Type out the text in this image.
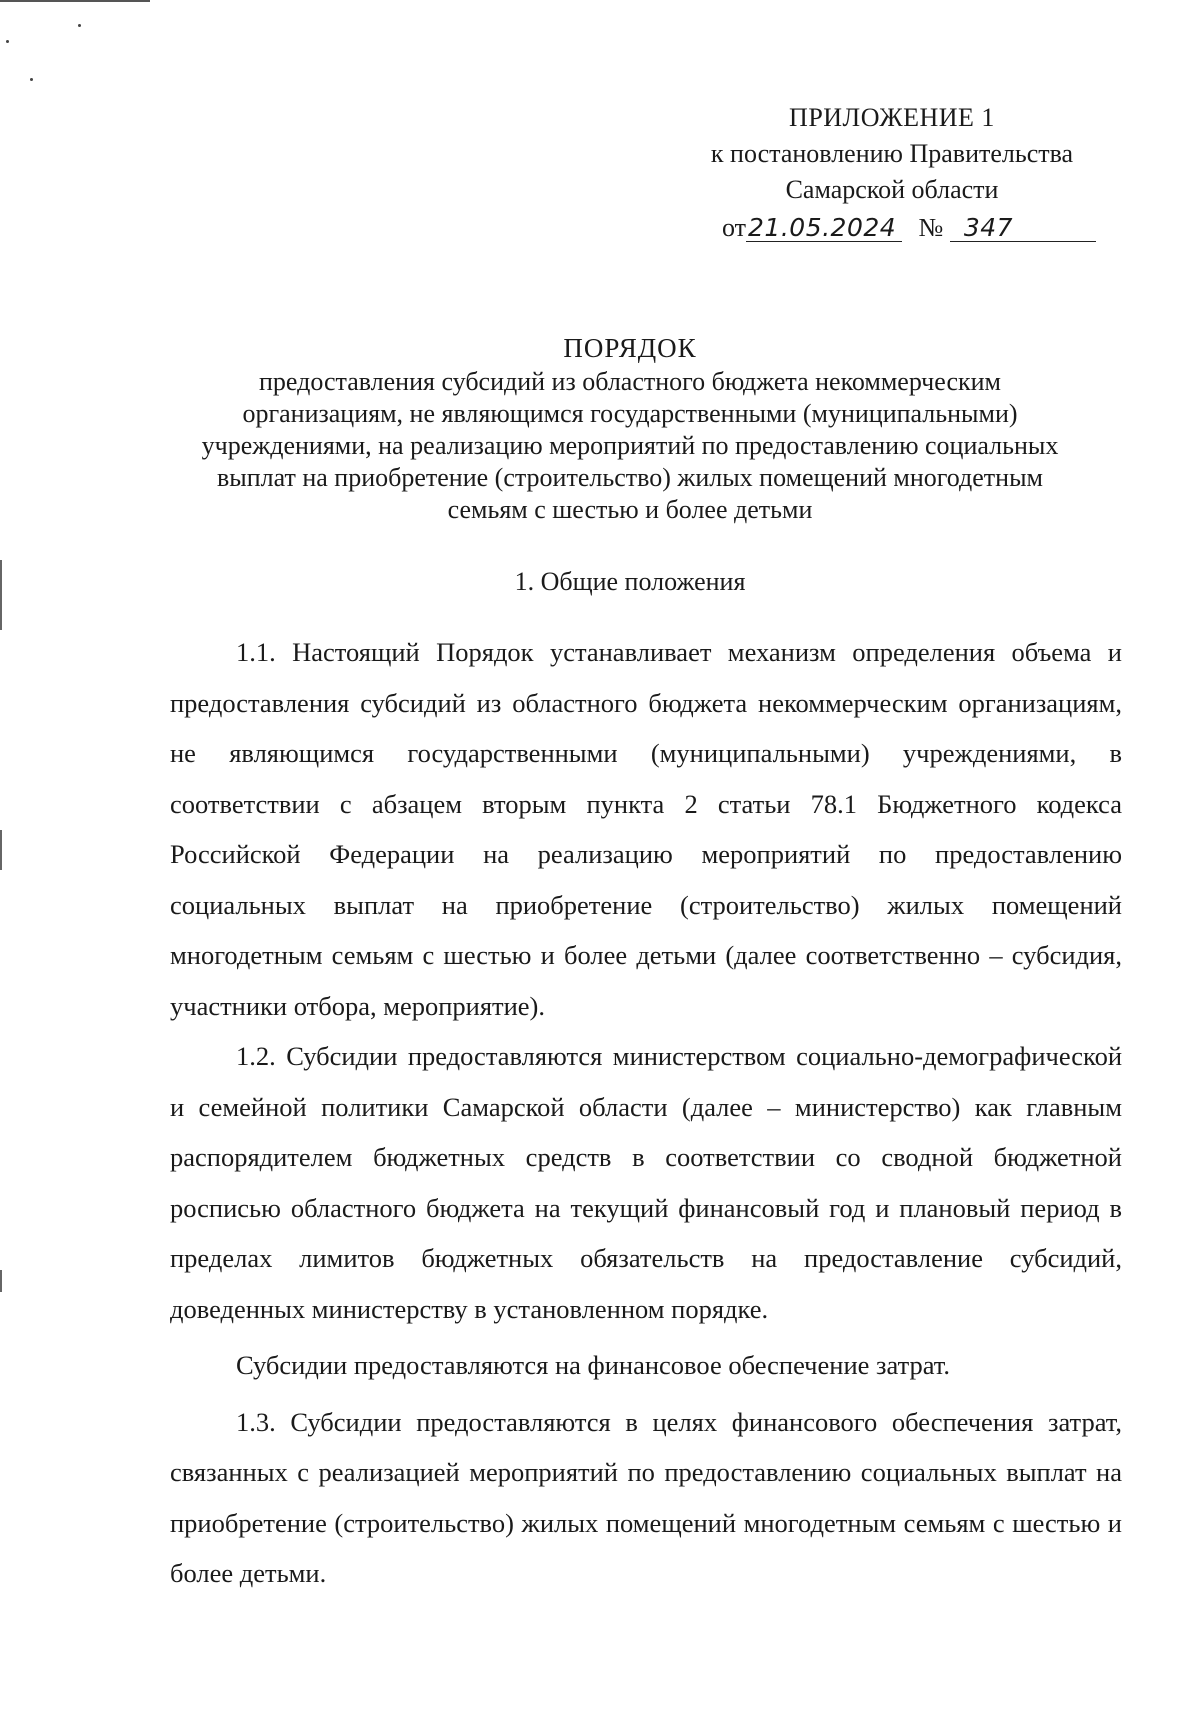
ПРИЛОЖЕНИЕ 1
к постановлению Правительства
Самарской области
от21.05.2024 № 347
ПОРЯДОК
предоставления субсидий из областного бюджета некоммерческим
организациям, не являющимся государственными (муниципальными)
учреждениями, на реализацию мероприятий по предоставлению социальных
выплат на приобретение (строительство) жилых помещений многодетным
семьям с шестью и более детьми
1. Общие положения

1.1. Настоящий Порядок устанавливает механизм определения объема и предоставления субсидий из областного бюджета некоммерческим организациям, не являющимся государственными (муниципальными) учреждениями, в соответствии с абзацем вторым пункта 2 статьи 78.1 Бюджетного кодекса Российской Федерации на реализацию мероприятий по предоставлению социальных выплат на приобретение (строительство) жилых помещений многодетным семьям с шестью и более детьми (далее соответственно – субсидия, участники отбора, мероприятие).

1.2. Субсидии предоставляются министерством социально-демографической и семейной политики Самарской области (далее – министерство) как главным распорядителем бюджетных средств в соответствии со сводной бюджетной росписью областного бюджета на текущий финансовый год и плановый период в пределах лимитов бюджетных обязательств на предоставление субсидий, доведенных министерству в установленном порядке.

Субсидии предоставляются на финансовое обеспечение затрат.

1.3. Субсидии предоставляются в целях финансового обеспечения затрат, связанных с реализацией мероприятий по предоставлению социальных выплат на приобретение (строительство) жилых помещений многодетным семьям с шестью и более детьми.
